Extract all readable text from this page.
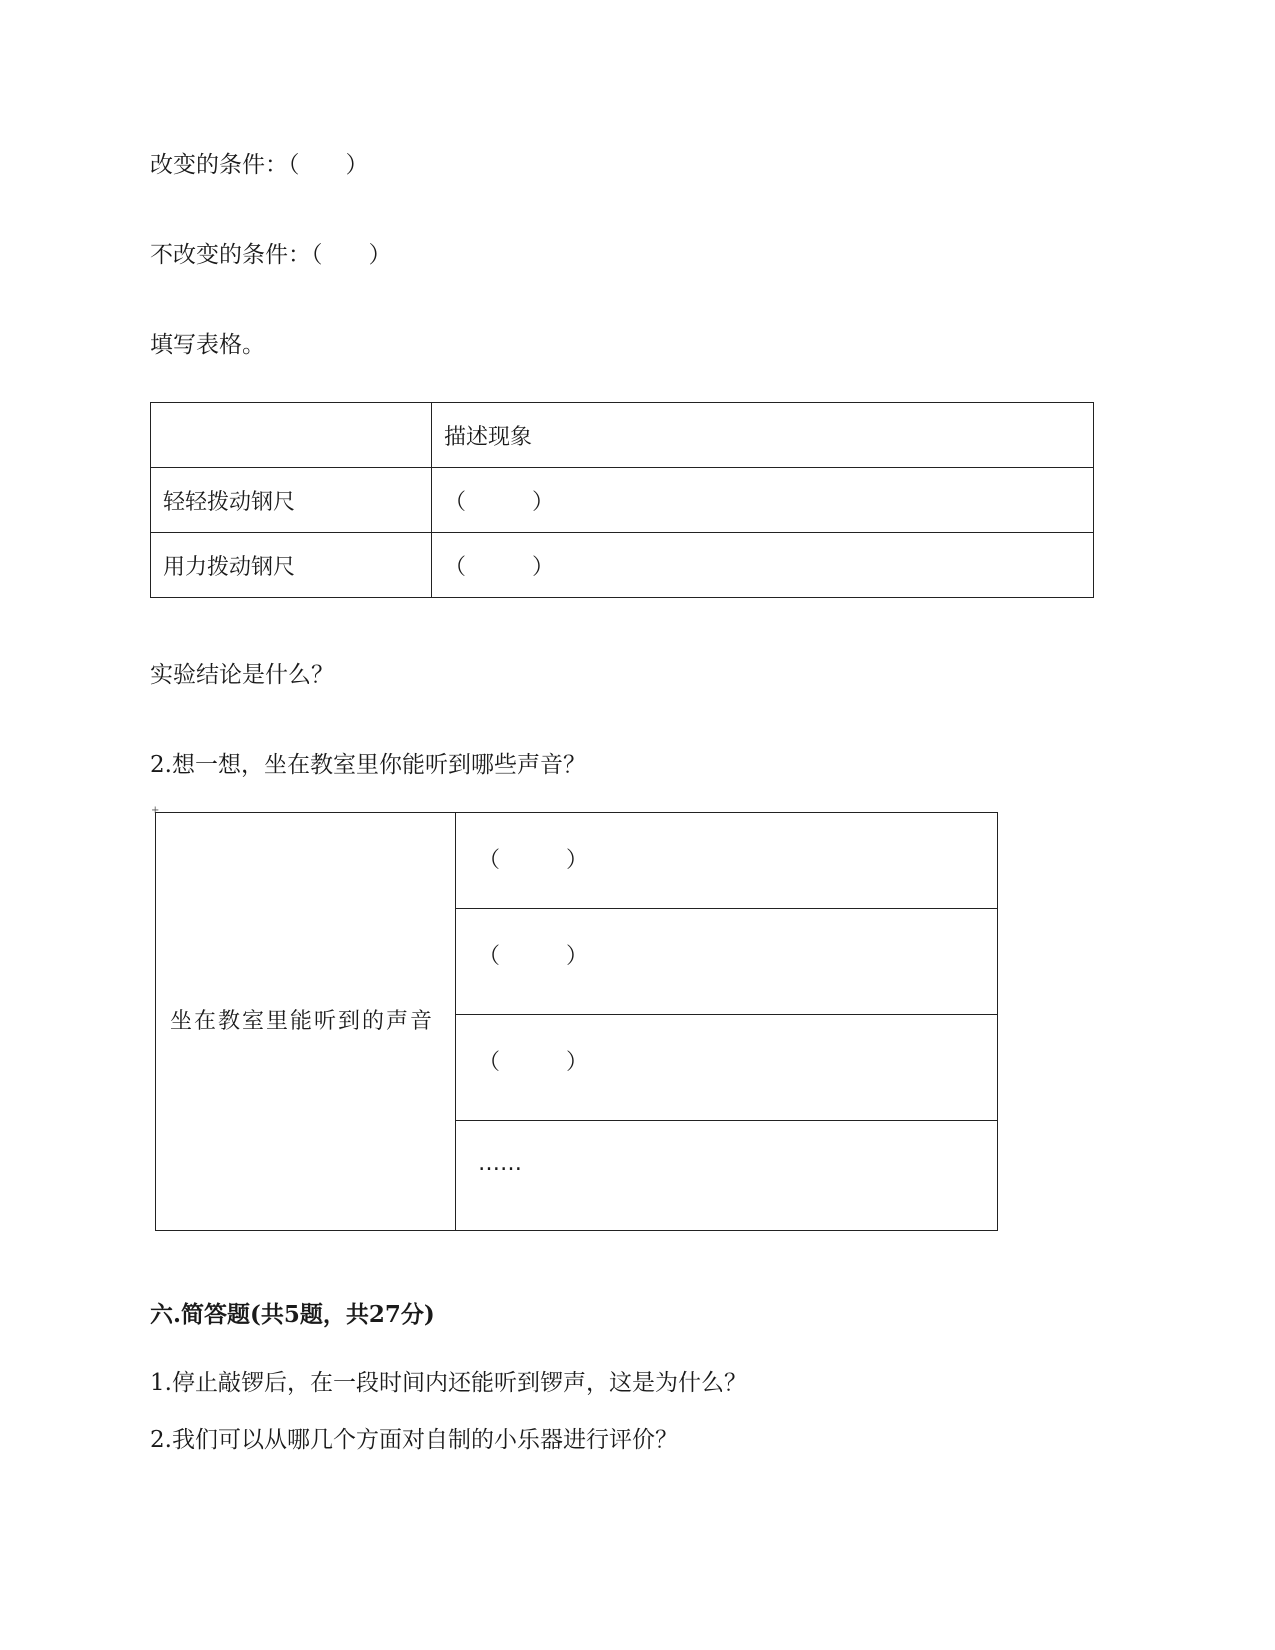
改变的条件：（　　）
不改变的条件：（　　）
填写表格。
	描述现象
轻轻拨动钢尺	（　　　）
用力拨动钢尺	（　　　）
实验结论是什么？
2.想一想，坐在教室里你能听到哪些声音？
+
坐在教室里能听到的声音	（　　　）
（　　　）
（　　　）
……
六.简答题(共5题，共27分)
1.停止敲锣后，在一段时间内还能听到锣声，这是为什么？
2.我们可以从哪几个方面对自制的小乐器进行评价？
